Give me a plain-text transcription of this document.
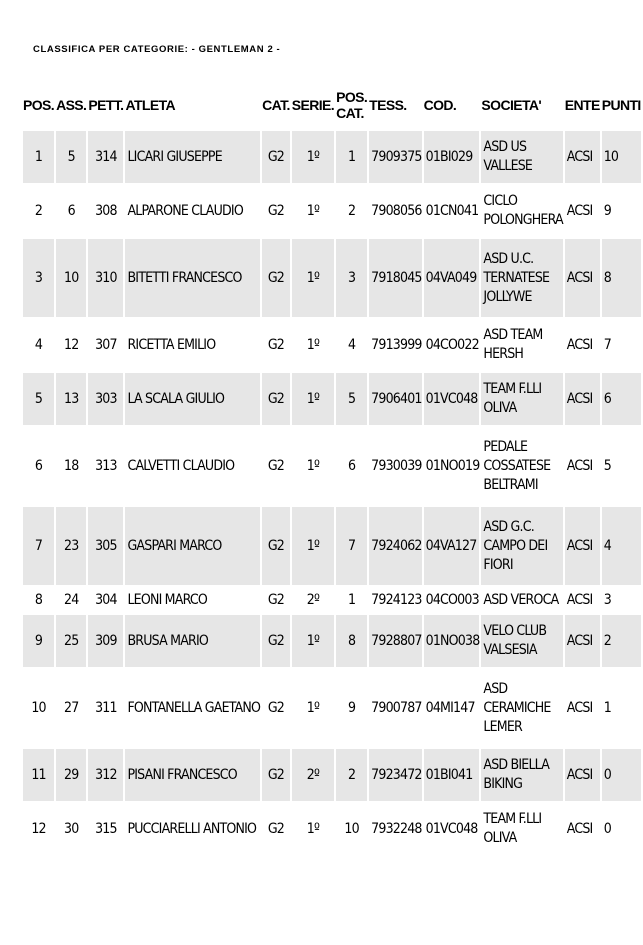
CLASSIFICA PER CATEGORIE: - GENTLEMAN 2 -
POS.	ASS.	PETT.	ATLETA	CAT.	SERIE.	POS. CAT.	TESS.	COD.	SOCIETA'	ENTE	PUNTI
1	5	314	LICARI GIUSEPPE	G2	1º	1	7909375	01BI029	ASD US VALLESE	ACSI	10
2	6	308	ALPARONE CLAUDIO	G2	1º	2	7908056	01CN041	CICLO POLONGHERA	ACSI	9
3	10	310	BITETTI FRANCESCO	G2	1º	3	7918045	04VA049	ASD U.C. TERNATESE JOLLYWE	ACSI	8
4	12	307	RICETTA EMILIO	G2	1º	4	7913999	04CO022	ASD TEAM HERSH	ACSI	7
5	13	303	LA SCALA GIULIO	G2	1º	5	7906401	01VC048	TEAM F.LLI OLIVA	ACSI	6
6	18	313	CALVETTI CLAUDIO	G2	1º	6	7930039	01NO019	PEDALE COSSATESE BELTRAMI	ACSI	5
7	23	305	GASPARI MARCO	G2	1º	7	7924062	04VA127	ASD G.C. CAMPO DEI FIORI	ACSI	4
8	24	304	LEONI MARCO	G2	2º	1	7924123	04CO003	ASD VEROCA	ACSI	3
9	25	309	BRUSA MARIO	G2	1º	8	7928807	01NO038	VELO CLUB VALSESIA	ACSI	2
10	27	311	FONTANELLA GAETANO	G2	1º	9	7900787	04MI147	ASD CERAMICHE LEMER	ACSI	1
11	29	312	PISANI FRANCESCO	G2	2º	2	7923472	01BI041	ASD BIELLA BIKING	ACSI	0
12	30	315	PUCCIARELLI ANTONIO	G2	1º	10	7932248	01VC048	TEAM F.LLI OLIVA	ACSI	0
